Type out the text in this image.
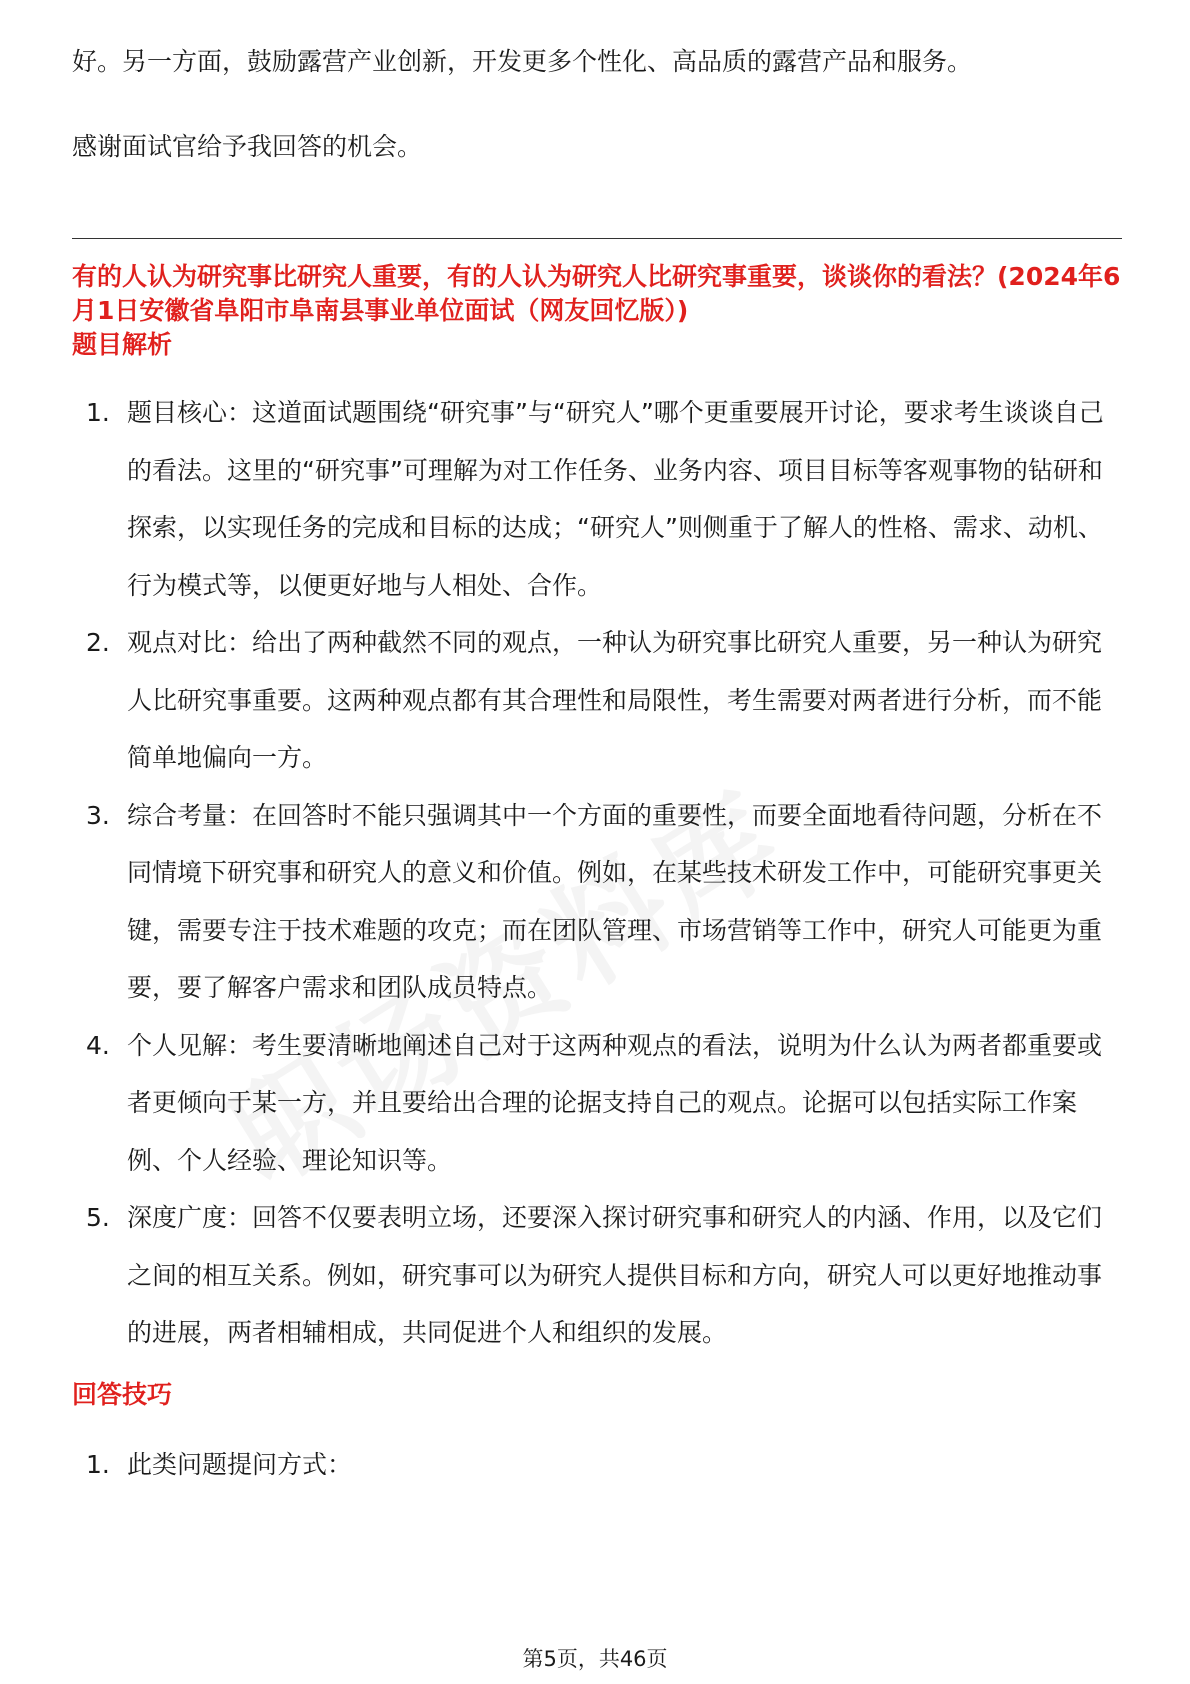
好。另一方面，鼓励露营产业创新，开发更多个性化、高品质的露营产品和服务。

感谢面试官给予我回答的机会。

有的人认为研究事比研究人重要，有的人认为研究人比研究事重要，谈谈你的看法？(2024年6月1日安徽省阜阳市阜南县事业单位面试（网友回忆版）)

题目解析

1. 题目核心：这道面试题围绕“研究事”与“研究人”哪个更重要展开讨论，要求考生谈谈自己的看法。这里的“研究事”可理解为对工作任务、业务内容、项目目标等客观事物的钻研和探索，以实现任务的完成和目标的达成；“研究人”则侧重于了解人的性格、需求、动机、行为模式等，以便更好地与人相处、合作。
2. 观点对比：给出了两种截然不同的观点，一种认为研究事比研究人重要，另一种认为研究人比研究事重要。这两种观点都有其合理性和局限性，考生需要对两者进行分析，而不能简单地偏向一方。
3. 综合考量：在回答时不能只强调其中一个方面的重要性，而要全面地看待问题，分析在不同情境下研究事和研究人的意义和价值。例如，在某些技术研发工作中，可能研究事更关键，需要专注于技术难题的攻克；而在团队管理、市场营销等工作中，研究人可能更为重要，要了解客户需求和团队成员特点。
4. 个人见解：考生要清晰地阐述自己对于这两种观点的看法，说明为什么认为两者都重要或者更倾向于某一方，并且要给出合理的论据支持自己的观点。论据可以包括实际工作案例、个人经验、理论知识等。
5. 深度广度：回答不仅要表明立场，还要深入探讨研究事和研究人的内涵、作用，以及它们之间的相互关系。例如，研究事可以为研究人提供目标和方向，研究人可以更好地推动事的进展，两者相辅相成，共同促进个人和组织的发展。

回答技巧

1. 此类问题提问方式：
第5页，共46页
